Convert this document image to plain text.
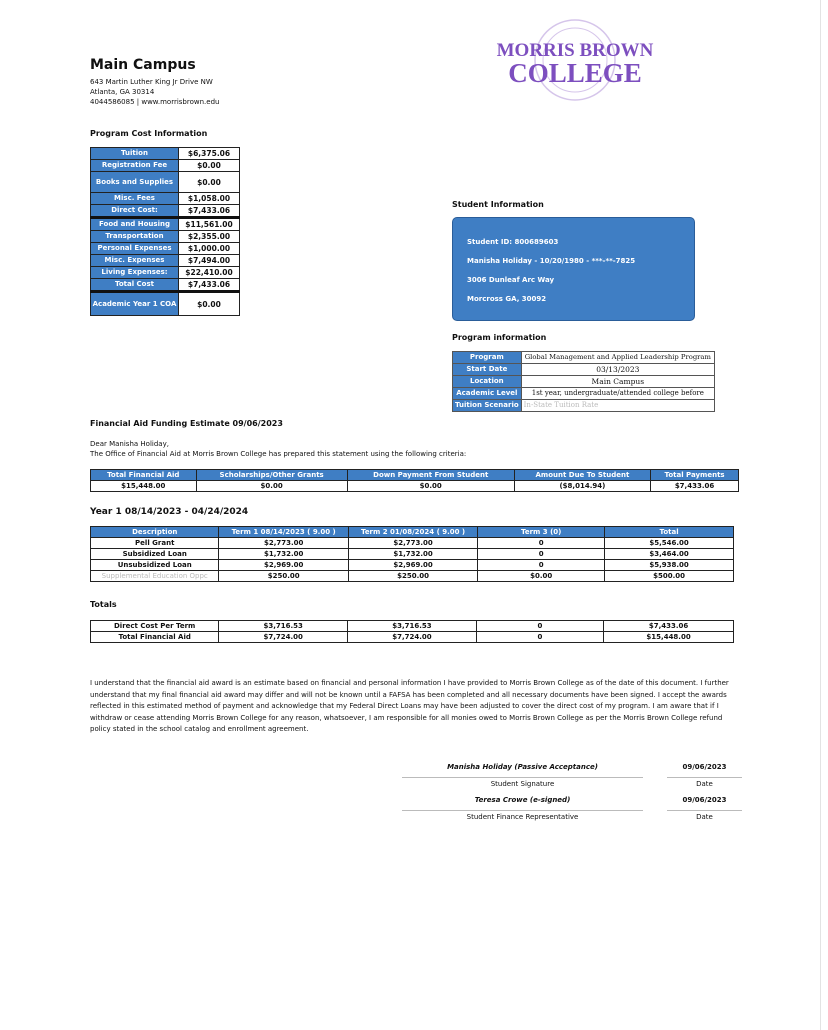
Main Campus
643 Martin Luther King Jr Drive NW
Atlanta, GA 30314
4044586085 | www.morrisbrown.edu
MORRIS BROWN
COLLEGE
Program Cost Information
Tuition	$6,375.06
Registration Fee	$0.00
Books and Supplies	$0.00
Misc. Fees	$1,058.00
Direct Cost:	$7,433.06
Food and Housing	$11,561.00
Transportation	$2,355.00
Personal Expenses	$1,000.00
Misc. Expenses	$7,494.00
Living Expenses:	$22,410.00
Total Cost	$7,433.06
Academic Year 1 COA	$0.00
Student Information
Student ID: 800689603
Manisha Holiday - 10/20/1980 - ***-**-7825
3006 Dunleaf Arc Way
Morcross GA, 30092
Program information
Program	Global Management and Applied Leadership Program
Start Date	03/13/2023
Location	Main Campus
Academic Level	1st year, undergraduate/attended college before
Tuition Scenario	In-State Tuition Rate
Financial Aid Funding Estimate 09/06/2023
Dear Manisha Holiday,
The Office of Financial Aid at Morris Brown College has prepared this statement using the following criteria:
Total Financial Aid	Scholarships/Other Grants	Down Payment From Student	Amount Due To Student	Total Payments
$15,448.00	$0.00	$0.00	($8,014.94)	$7,433.06
Year 1 08/14/2023 - 04/24/2024
Description	Term 1 08/14/2023 ( 9.00 )	Term 2 01/08/2024 ( 9.00 )	Term 3 (0)	Total
Pell Grant	$2,773.00	$2,773.00	0	$5,546.00
Subsidized Loan	$1,732.00	$1,732.00	0	$3,464.00
Unsubsidized Loan	$2,969.00	$2,969.00	0	$5,938.00
Supplemental Education Oppc	$250.00	$250.00	$0.00	$500.00
Totals
Direct Cost Per Term	$3,716.53	$3,716.53	0	$7,433.06
Total Financial Aid	$7,724.00	$7,724.00	0	$15,448.00
I understand that the financial aid award is an estimate based on financial and personal information I have provided to Morris Brown College as of the date of this document. I further understand that my final financial aid award may differ and will not be known until a FAFSA has been completed and all necessary documents have been signed. I accept the awards reflected in this estimated method of payment and acknowledge that my Federal Direct Loans may have been adjusted to cover the direct cost of my program. I am aware that if I withdraw or cease attending Morris Brown College for any reason, whatsoever, I am responsible for all monies owed to Morris Brown College as per the Morris Brown College refund policy stated in the school catalog and enrollment agreement.
Manisha Holiday (Passive Acceptance)	09/06/2023
Student Signature	Date
Teresa Crowe (e-signed)	09/06/2023
Student Finance Representative	Date
